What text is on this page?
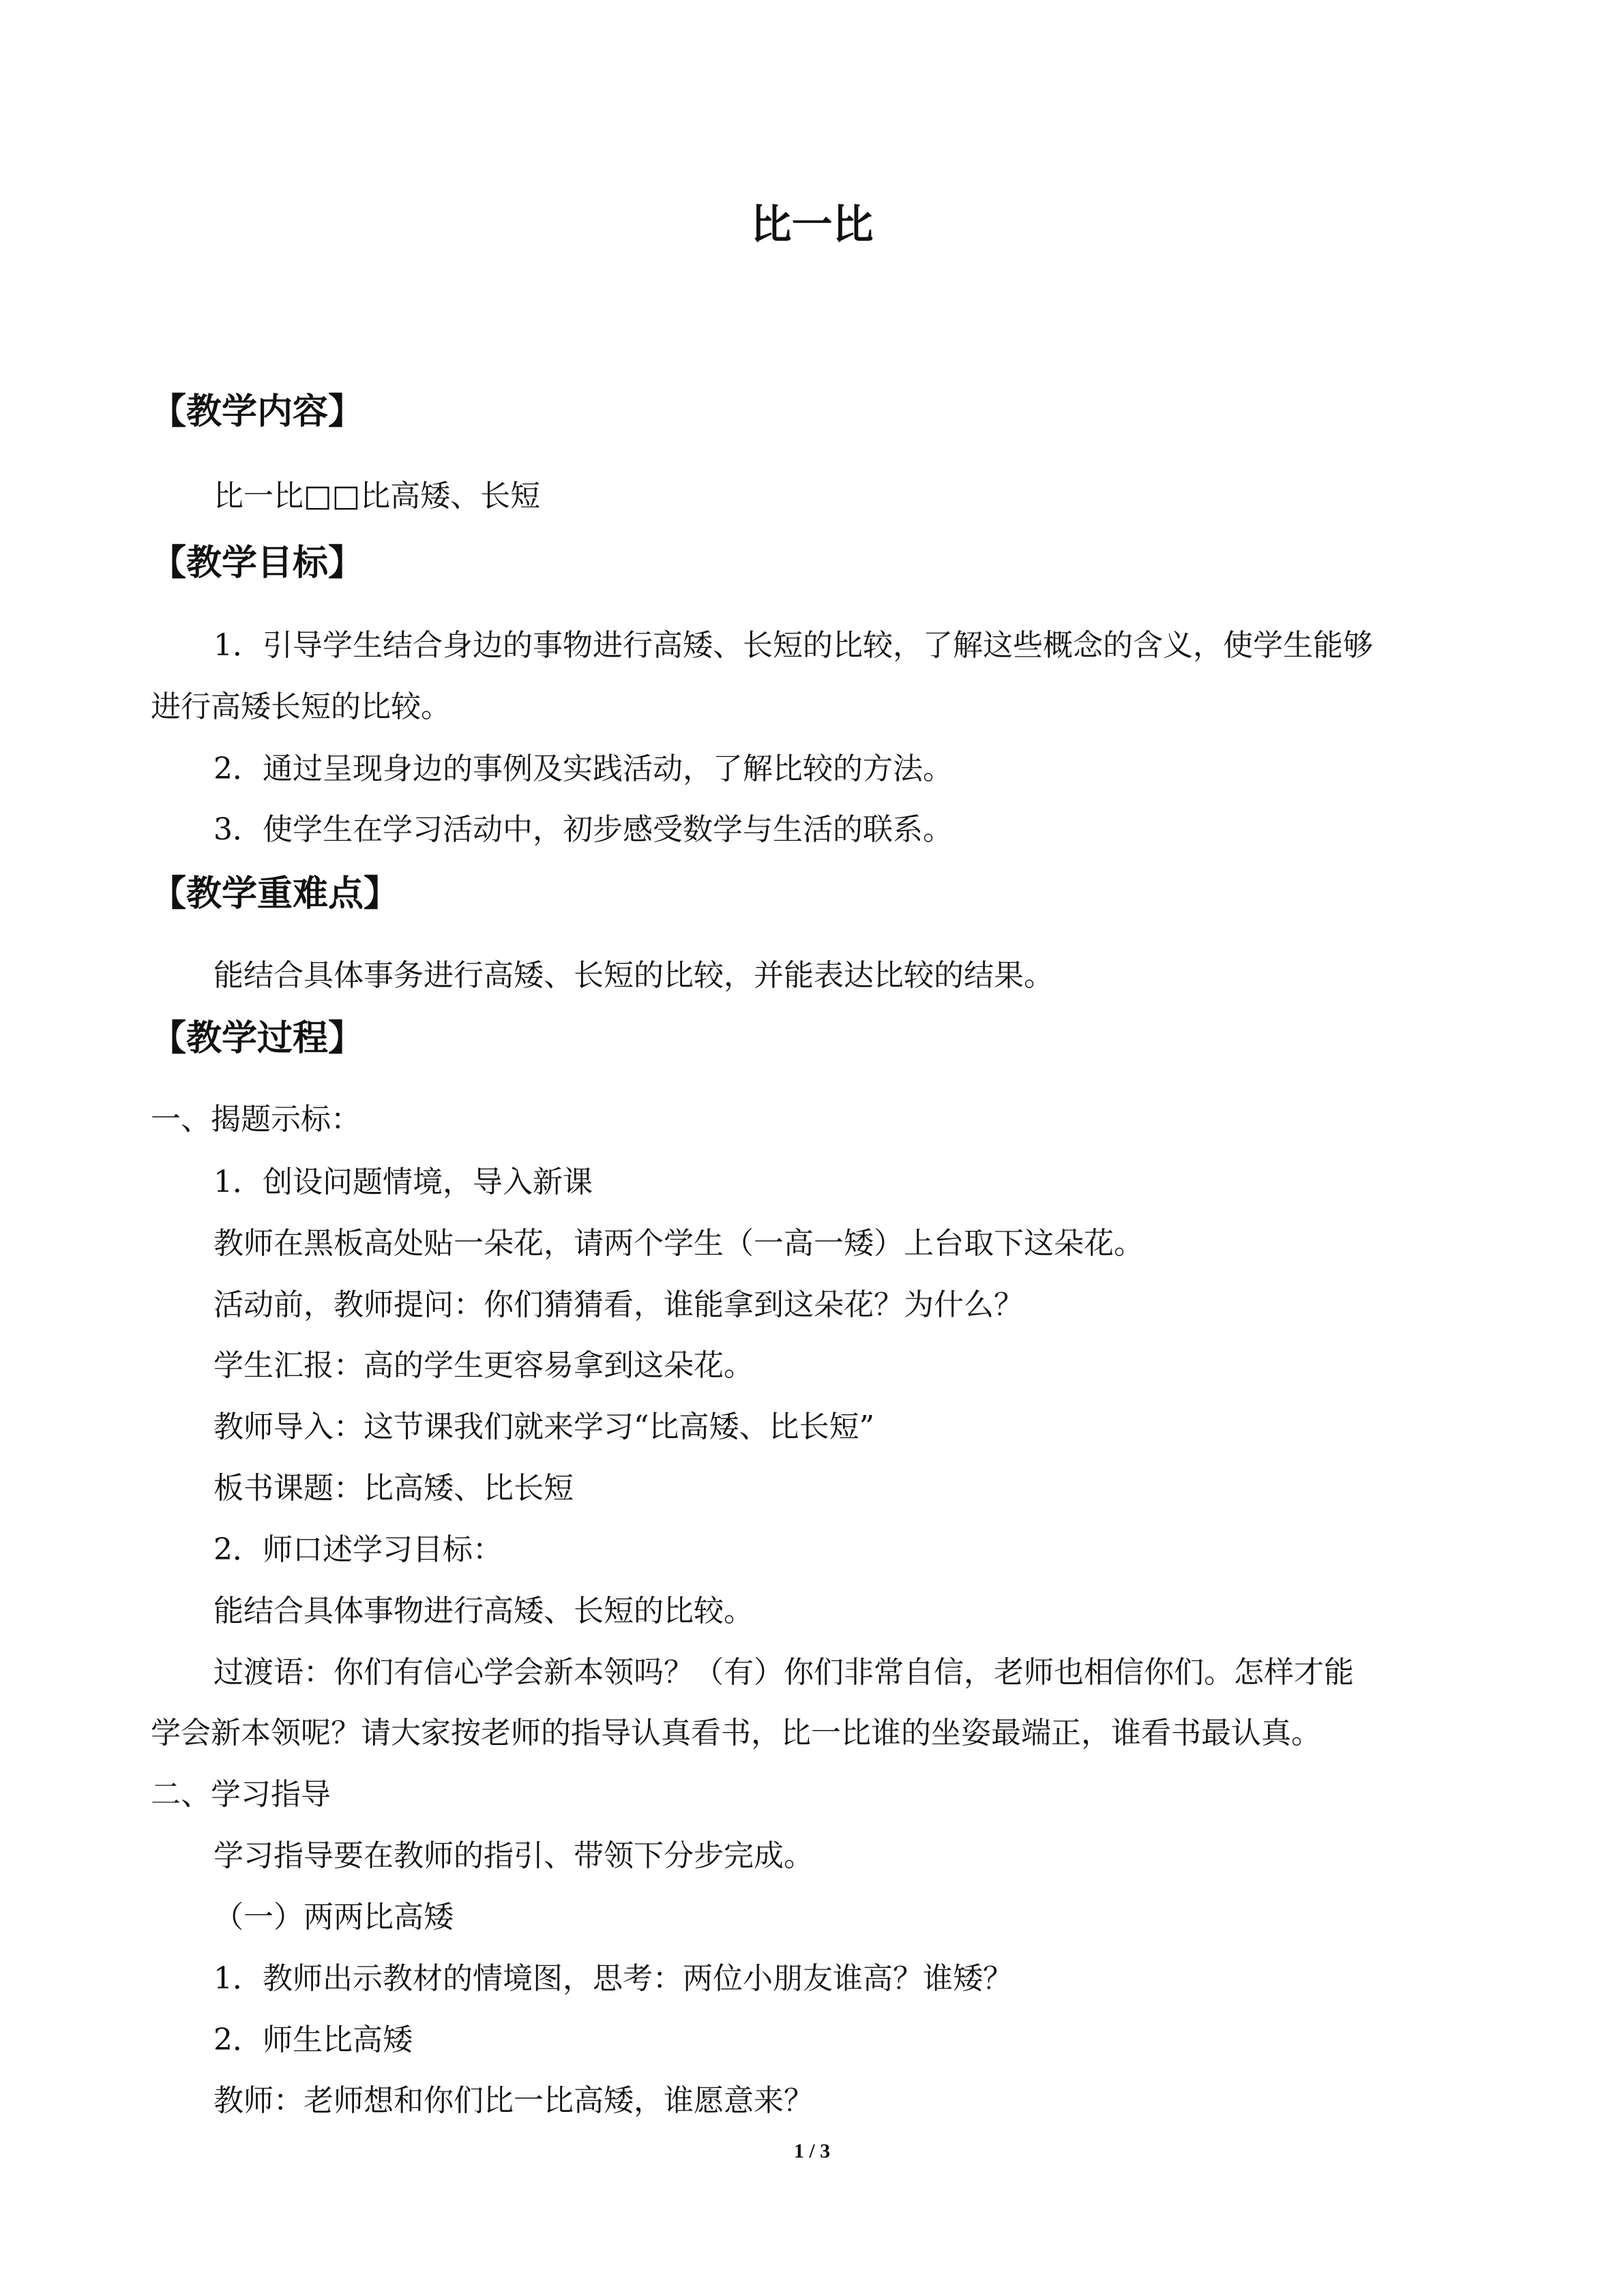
比一比
【教学内容】
比一比□□比高矮、长短
【教学目标】
1．引导学生结合身边的事物进行高矮、长短的比较，了解这些概念的含义，使学生能够
进行高矮长短的比较。
2．通过呈现身边的事例及实践活动，了解比较的方法。
3．使学生在学习活动中，初步感受数学与生活的联系。
【教学重难点】
能结合具体事务进行高矮、长短的比较，并能表达比较的结果。
【教学过程】
一、揭题示标：
1．创设问题情境，导入新课
教师在黑板高处贴一朵花，请两个学生（一高一矮）上台取下这朵花。
活动前，教师提问：你们猜猜看，谁能拿到这朵花？为什么？
学生汇报：高的学生更容易拿到这朵花。
教师导入：这节课我们就来学习“比高矮、比长短”
板书课题：比高矮、比长短
2．师口述学习目标：
能结合具体事物进行高矮、长短的比较。
过渡语：你们有信心学会新本领吗？（有）你们非常自信，老师也相信你们。怎样才能
学会新本领呢？请大家按老师的指导认真看书，比一比谁的坐姿最端正，谁看书最认真。
二、学习指导
学习指导要在教师的指引、带领下分步完成。
（一）两两比高矮
1．教师出示教材的情境图，思考：两位小朋友谁高？谁矮？
2．师生比高矮
教师：老师想和你们比一比高矮，谁愿意来？
1 / 3
